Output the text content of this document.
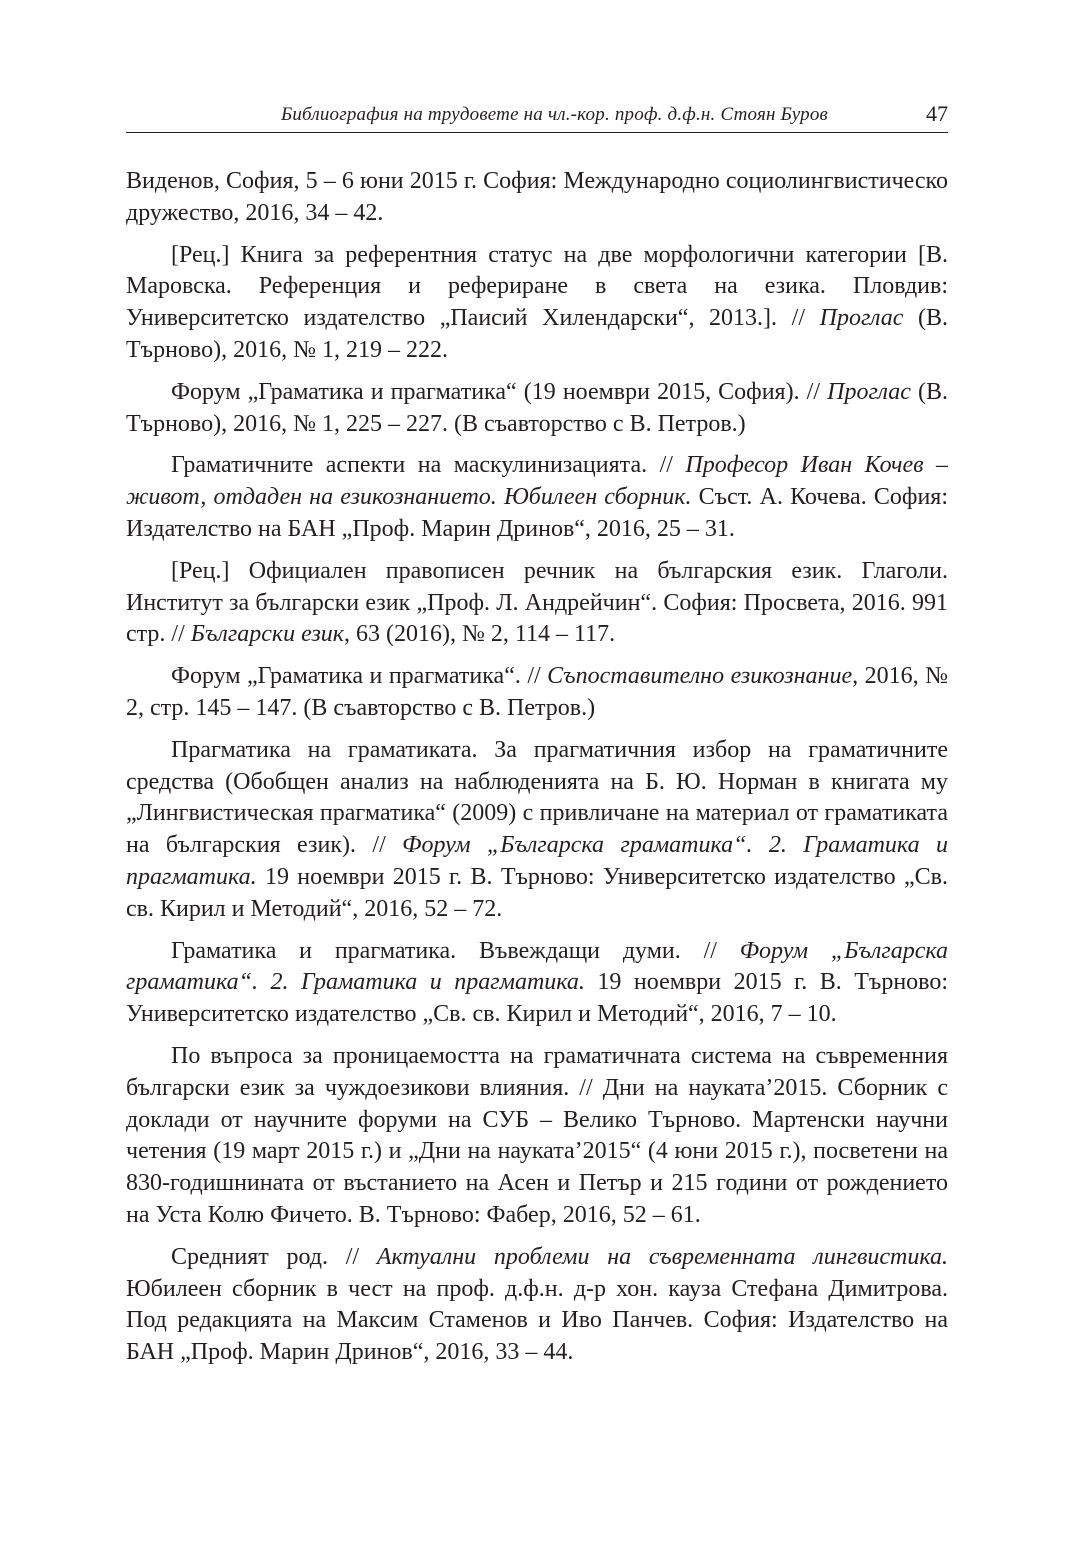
Библиография на трудовете на чл.-кор. проф. д.ф.н. Стоян Буров	47

Виденов, София, 5 – 6 юни 2015 г. София: Международно социолингвистическо дружество, 2016, 34 – 42.

[Рец.] Книга за референтния статус на две морфологични категории [В. Маровска. Референция и рефериране в света на езика. Пловдив: Университетско издателство „Паисий Хилендарски“, 2013.]. // Проглас (В. Търново), 2016, № 1, 219 – 222.

Форум „Граматика и прагматика“ (19 ноември 2015, София). // Проглас (В. Търново), 2016, № 1, 225 – 227. (В съавторство с В. Петров.)

Граматичните аспекти на маскулинизацията. // Професор Иван Кочев – живот, отдаден на езикознанието. Юбилеен сборник. Съст. А. Кочева. София: Издателство на БАН „Проф. Марин Дринов“, 2016, 25 – 31.

[Рец.] Официален правописен речник на българския език. Глаголи. Институт за български език „Проф. Л. Андрейчин“. София: Просвета, 2016. 991 стр. // Български език, 63 (2016), № 2, 114 – 117.

Форум „Граматика и прагматика“. // Съпоставително езикознание, 2016, № 2, стр. 145 – 147. (В съавторство с В. Петров.)

Прагматика на граматиката. За прагматичния избор на граматичните средства (Обобщен анализ на наблюденията на Б. Ю. Норман в книгата му „Лингвистическая прагматика“ (2009) с привличане на материал от граматиката на българския език). // Форум „Българска граматика“. 2. Граматика и прагматика. 19 ноември 2015 г. В. Търново: Университетско издателство „Св. св. Кирил и Методий“, 2016, 52 – 72.

Граматика и прагматика. Въвеждащи думи. // Форум „Българска граматика“. 2. Граматика и прагматика. 19 ноември 2015 г. В. Търново: Университетско издателство „Св. св. Кирил и Методий“, 2016, 7 – 10.

По въпроса за проницаемостта на граматичната система на съвременния български език за чуждоезикови влияния. // Дни на науката’2015. Сборник с доклади от научните форуми на СУБ – Велико Търново. Мартенски научни четения (19 март 2015 г.) и „Дни на науката’2015“ (4 юни 2015 г.), посветени на 830-годишнината от въстанието на Асен и Петър и 215 години от рождението на Уста Колю Фичето. В. Търново: Фабер, 2016, 52 – 61.

Средният род. // Актуални проблеми на съвременната лингвистика. Юбилеен сборник в чест на проф. д.ф.н. д-р хон. кауза Стефана Димитрова. Под редакцията на Максим Стаменов и Иво Панчев. София: Издателство на БАН „Проф. Марин Дринов“, 2016, 33 – 44.
